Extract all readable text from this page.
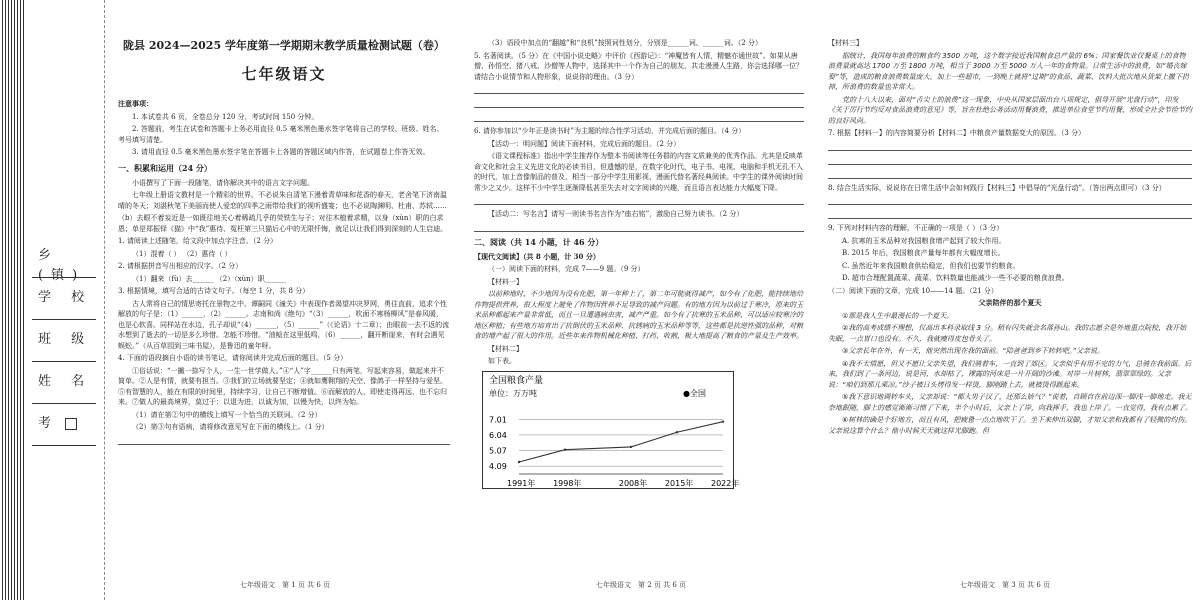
乡(镇)
学 校
班 级
姓 名
考
陇县 2024—2025 学年度第一学期期末教学质量检测试题（卷）
七年级语文

注意事项：

1. 本试卷共 6 页，全卷总分 120 分，考试时间 150 分钟。

2. 答题前，考生在试卷和答题卡上务必用直径 0.5 毫米黑色墨水签字笔将自己的学校、班级、姓名、考号填写清楚。

3. 请用直径 0.5 毫米黑色墨水签字笔在答题卡上各题的答题区域内作答，在试题卷上作答无效。

一、积累和运用（24 分）

小语撰写了下面一段随笔，请你解决其中的语言文字问题。

七年级上册语文教材是一个精彩的世界。不必说朱自清笔下漫着青草味和花香的春天，老舍笔下济南温晴的冬天；刘湛秋笔下美丽而使人爱恋的四季之雨带给我们的视听盛宴；也不必说陶渊明、杜甫、苏轼……

（b）去眼不着妄近是一如既往地关心着稀疏几乎的荧铁生与子；对往木植着求精，以身（xùn）职的白求恩；单是郑振铎《猫》中“我”惠待、冤枉第三只猫后心中的无限忏悔，就足以让我们得到深刻的人生启迪。

1. 请阅读上述随笔，给文段中加点字注音。（2 分）

（1）混着（ ） （2）惠待（ ）

2. 请根据拼音写出相应的汉字。（2 分）

（1）翻来（fù）去______ （2）（xùn）职______

3. 根据情境，填写合适的古诗文句子。（每空 1 分，共 8 分）

古人常将自己的情思寄托在景物之中。谭嗣同《潼关》中表现作者渴望冲决罗网，勇往直前，追求个性解放的句子是：（1）______，（2）______。志南和尚《绝句》“（3）______，吹面不寒杨柳风”是春风暖，也是心软喜。同样站在水边，孔子却说“（4）______，（5）______”（《论语》十二章）；由眼前一去不返的流水想到了逝去的一切是多么珍惜。怎能不珍惜。“油鲶在这里低鸣，（6）______，翻开断崖来，有时会遇见蜈蚣。”（从百草园到三味书屋），是鲁迅的童年呀。

4. 下面的语段摘自小语的读书笔记，请你阅读并完成后面的题目。（5 分）

①俗话说：“一撇一捺写个人，一生一世学做人。”④“人”字______只有两笔，写起来容易，做起来并不简单。②人是有情，就要有担当。③我们的立场就要坚定；④就如鹰翱翔的天空、像鸽子一样坚持与爱坚。⑤有智慧的人，能在有限的时间里，持续学习，让自己不断增值。⑥而解放的人，即使走得再远，也不忘归来。⑦做人的最高境界，莫过于：以退为进，以诚为加，以慢为快，以终为始。

（1）请在第②句中的横线上填写一个恰当的关联词。（2 分）

（2）第③句有语病，请将修改意见写在下面的横线上。（1 分）

七年级语文　第 1 页 共 6 页

（3）语段中加点的“翻越”和“良机”按照词性划分，分别是______词、______词。（2 分）

5. 名著阅读。（5 分）在《中国小说史略》中评价《西游记》：“神魔皆有人情，精魅亦通世故”。如果从唐僧、孙悟空、猪八戒、沙僧等人物中，选择其中一个作为自己的朋友，共走漫漫人生路，你会选择哪一位？请结合小说情节和人物形象，说说你的理由。（3 分）

6. 请你参加以“少年正是读书时”为主题的综合性学习活动，并完成后面的题目。（4 分）

【活动一：明问题】阅读下面材料，完成后面的题目。（2 分）

《语文课程标准》指出中学生推荐作为整本书阅读等任务群的内容文质兼美的优秀作品。尤其是反映革命文化和社会主义先进文化的必读书目，但遗憾的是，在数字化时代，电子书、电视、电脑和手机无孔不入的时代，加上音像制品的普及，相当一部分中学生用影视、漫画代替名著经典阅读。中学生的课外阅读时间常少之又少。这样不少中学生逐渐降低甚至失去对文字阅读的兴趣，而且语言表达能力大幅度下降。

【活动二：写名言】请写一则读书名言作为“座右铭”，激励自己努力读书。（2 分）

二、阅读（共 14 小题，计 46 分）

【现代文阅读】（共 8 小题，计 30 分）

（一）阅读下面的材料，完成 7——9 题。（9 分）

【材料一】

以前种地时，不少地因为没有化肥，第一年种上了，第二年可能就得减产，如今有了化肥，能持续地给作物提供营养，很大程度上避免了作物因营养不足导致的减产问题。有的地方因为以前过于寒冷，原来的玉米品种都起来产量非常低，而且一旦遭遇病虫害，减产严重。如今有了抗寒的玉米品种，可以适应较寒冷的地区种植；有些地方培育出了抗倒伏的玉米品种、抗锈病的玉米品种等等，这些都是抗逆性强的品种，对粮食的增产起了很大的作用。近些年来作物机械化种植、打药、收割，极大地提高了粮食的产量及生产效率。

【材料二】

如下表。

全国粮食产量
单位：万万吨	●全国
7.01
6.04
5.07
4.09
1991年 1998年	2008年 2015年 2022年
七年级语文　第 2 页 共 6 页

【材料三】

据统计，我国每年浪费的粮食约 3500 万吨，这个数字接近我国粮食总产量的 6%；国家餐饮业仅餐桌上的食物浪费量就高达 1700 万至 1800 万吨，相当于 3000 万至 5000 万人一年的食物量。日常生活中的浪费，如“婚丧嫁娶”等，造成的粮食浪费数量庞大。加上一些超市，一到晚上就将“过期”的食品、蔬菜、饮料大批次地从货架上撤下扔掉，所浪费的数量也非常大。

党的十八大以来，面对“舌尖上的浪费”这一现象，中央从国家层面出台八项规定，倡导开展“光盘行动”，印发《关于厉行节约反对食品浪费的意见》等，旨在杜绝公务活动用餐浪费，推进单位食堂节约用餐，形成全社会节俭节约的良好风尚。

7. 根据【材料一】的内容简要分析【材料二】中粮食产量数据变大的原因。（3 分）

8. 结合生活实际，说说你在日常生活中会如何践行【材料三】中倡导的“光盘行动”。（答出两点即可）（3 分）

9. 下列对材料内容的理解，不正确的一项是（ ）（3 分）

A. 抗寒的玉米品种对我国粮食增产起到了较大作用。

B. 2015 年后，我国粮食产量每年都有大幅度增长。

C. 虽然近年来我国粮食供给稳定，但我们也要节约粮食。

D. 超市合理配置蔬菜、蔬菜、饮料数量也能减少一些不必要的粮食浪费。

（二）阅读下面的文章，完成 10——14 题。（21 分）

父亲陪伴的那个夏天

①那是我人生中最漫长的一个夏天。

②我的高考成绩不理想，仅高出本科录取线 3 分。稍有闪失就会名落孙山。我的志愿全是外地重点院校，我开始失眠，一点胃口也没有。不久，我就瘦得皮包骨头了。

③父亲长年在外，有一天，他突然出现在我的面前。“陪爸爸到乡下转转吧。”父亲说。

④我不太情愿，但又不愿让父亲失望，我们骑着车，一直到了郊区。父亲似乎有用不完的力气，总骑在我前面。后来，我们到了一条河边，说是河，水却枯了，裸露的河床是一片开阔的沙滩。对岸一片树林，翡翠翠绿的。父亲说：“咱们到那儿乘凉。”沙子被日头烤得发一样烫，脚刚踏上去，就被烫得跳起来。

⑤我下意识地调转车头，父亲却说：“都大男子汉了，还那么娇气？”说着，自顾自在前边深一脚浅一脚地走。我无奈地跟随，脚上的感觉渐渐习惯了下来，半个小时后，父亲上了岸，向我挥手，我也上岸了。一直觉得，我有点累了。

⑥树林的确是个好地方，而且有风，把疲惫一点点地吹干了。坐下来伸出双脚，才知父亲和我都有了轻微的灼伤。父亲说这算个什么？他小时候天天就这样光脚跑。但

七年级语文　第 3 页 共 6 页
